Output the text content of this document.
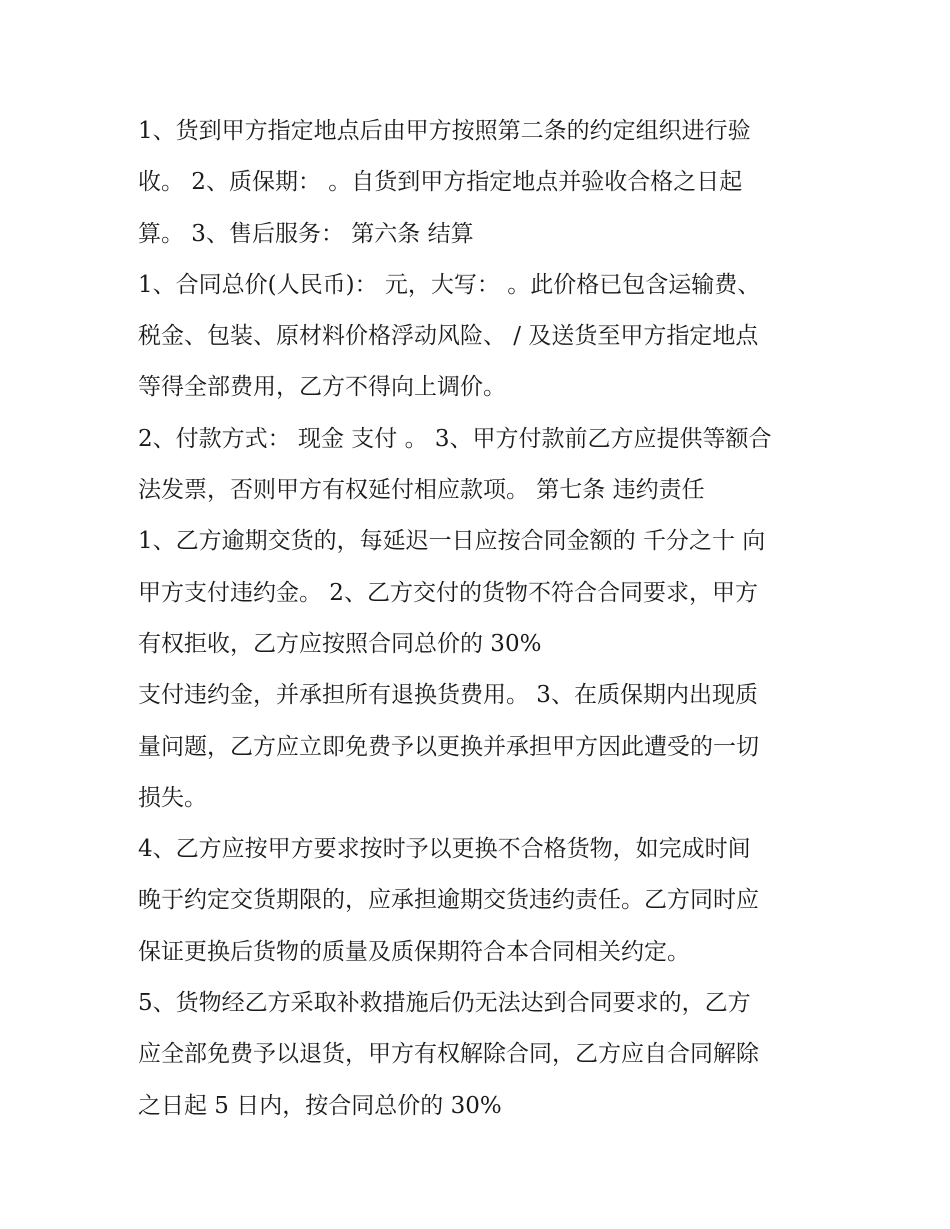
1、货到甲方指定地点后由甲方按照第二条的约定组织进行验
收。 2、质保期： 。自货到甲方指定地点并验收合格之日起
算。 3、售后服务： 第六条 结算
1、合同总价(人民币)： 元，大写： 。此价格已包含运输费、
税金、包装、原材料价格浮动风险、 / 及送货至甲方指定地点
等得全部费用，乙方不得向上调价。
2、付款方式： 现金 支付 。 3、甲方付款前乙方应提供等额合
法发票，否则甲方有权延付相应款项。 第七条 违约责任
1、乙方逾期交货的，每延迟一日应按合同金额的 千分之十 向
甲方支付违约金。 2、乙方交付的货物不符合合同要求，甲方
有权拒收，乙方应按照合同总价的 30%
支付违约金，并承担所有退换货费用。 3、在质保期内出现质
量问题，乙方应立即免费予以更换并承担甲方因此遭受的一切
损失。
4、乙方应按甲方要求按时予以更换不合格货物，如完成时间
晚于约定交货期限的，应承担逾期交货违约责任。乙方同时应
保证更换后货物的质量及质保期符合本合同相关约定。
5、货物经乙方采取补救措施后仍无法达到合同要求的，乙方
应全部免费予以退货，甲方有权解除合同，乙方应自合同解除
之日起 5 日内，按合同总价的 30%
